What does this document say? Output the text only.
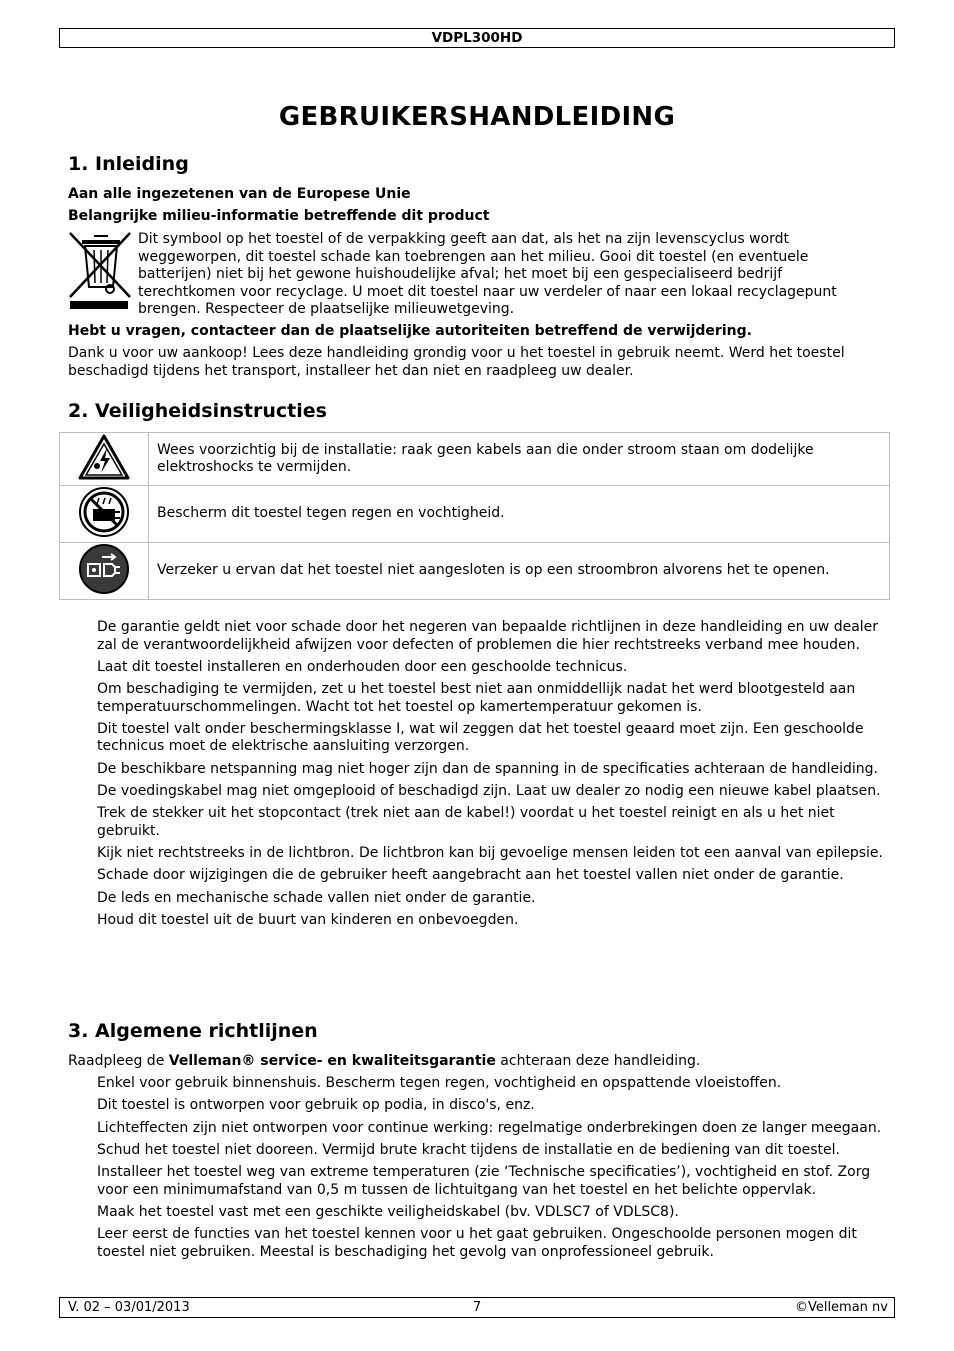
VDPL300HD
GEBRUIKERSHANDLEIDING
1. Inleiding
Aan alle ingezetenen van de Europese Unie
Belangrijke milieu-informatie betreffende dit product
Dit symbool op het toestel of de verpakking geeft aan dat, als het na zijn levenscyclus wordt weggeworpen, dit toestel schade kan toebrengen aan het milieu. Gooi dit toestel (en eventuele batterijen) niet bij het gewone huishoudelijke afval; het moet bij een gespecialiseerd bedrijf terechtkomen voor recyclage. U moet dit toestel naar uw verdeler of naar een lokaal recyclagepunt brengen. Respecteer de plaatselijke milieuwetgeving.
Hebt u vragen, contacteer dan de plaatselijke autoriteiten betreffend de verwijdering.
Dank u voor uw aankoop! Lees deze handleiding grondig voor u het toestel in gebruik neemt. Werd het toestel beschadigd tijdens het transport, installeer het dan niet en raadpleeg uw dealer.
2. Veiligheidsinstructies
	Wees voorzichtig bij de installatie: raak geen kabels aan die onder stroom staan om dodelijke elektroshocks te vermijden.
	Bescherm dit toestel tegen regen en vochtigheid.
	Verzeker u ervan dat het toestel niet aangesloten is op een stroombron alvorens het te openen.
De garantie geldt niet voor schade door het negeren van bepaalde richtlijnen in deze handleiding en uw dealer zal de verantwoordelijkheid afwijzen voor defecten of problemen die hier rechtstreeks verband mee houden.
Laat dit toestel installeren en onderhouden door een geschoolde technicus.
Om beschadiging te vermijden, zet u het toestel best niet aan onmiddellijk nadat het werd blootgesteld aan temperatuurschommelingen. Wacht tot het toestel op kamertemperatuur gekomen is.
Dit toestel valt onder beschermingsklasse I, wat wil zeggen dat het toestel geaard moet zijn. Een geschoolde technicus moet de elektrische aansluiting verzorgen.
De beschikbare netspanning mag niet hoger zijn dan de spanning in de specificaties achteraan de handleiding.
De voedingskabel mag niet omgeplooid of beschadigd zijn. Laat uw dealer zo nodig een nieuwe kabel plaatsen.
Trek de stekker uit het stopcontact (trek niet aan de kabel!) voordat u het toestel reinigt en als u het niet gebruikt.
Kijk niet rechtstreeks in de lichtbron. De lichtbron kan bij gevoelige mensen leiden tot een aanval van epilepsie.
Schade door wijzigingen die de gebruiker heeft aangebracht aan het toestel vallen niet onder de garantie.
De leds en mechanische schade vallen niet onder de garantie.
Houd dit toestel uit de buurt van kinderen en onbevoegden.
3. Algemene richtlijnen
Raadpleeg de Velleman® service- en kwaliteitsgarantie achteraan deze handleiding.
Enkel voor gebruik binnenshuis. Bescherm tegen regen, vochtigheid en opspattende vloeistoffen.
Dit toestel is ontworpen voor gebruik op podia, in disco's, enz.
Lichteffecten zijn niet ontworpen voor continue werking: regelmatige onderbrekingen doen ze langer meegaan.
Schud het toestel niet dooreen. Vermijd brute kracht tijdens de installatie en de bediening van dit toestel.
Installeer het toestel weg van extreme temperaturen (zie ‘Technische specificaties’), vochtigheid en stof. Zorg voor een minimumafstand van 0,5 m tussen de lichtuitgang van het toestel en het belichte oppervlak.
Maak het toestel vast met een geschikte veiligheidskabel (bv. VDLSC7 of VDLSC8).
Leer eerst de functies van het toestel kennen voor u het gaat gebruiken. Ongeschoolde personen mogen dit toestel niet gebruiken. Meestal is beschadiging het gevolg van onprofessioneel gebruik.
V. 02 – 03/01/2013	7	©Velleman nv
